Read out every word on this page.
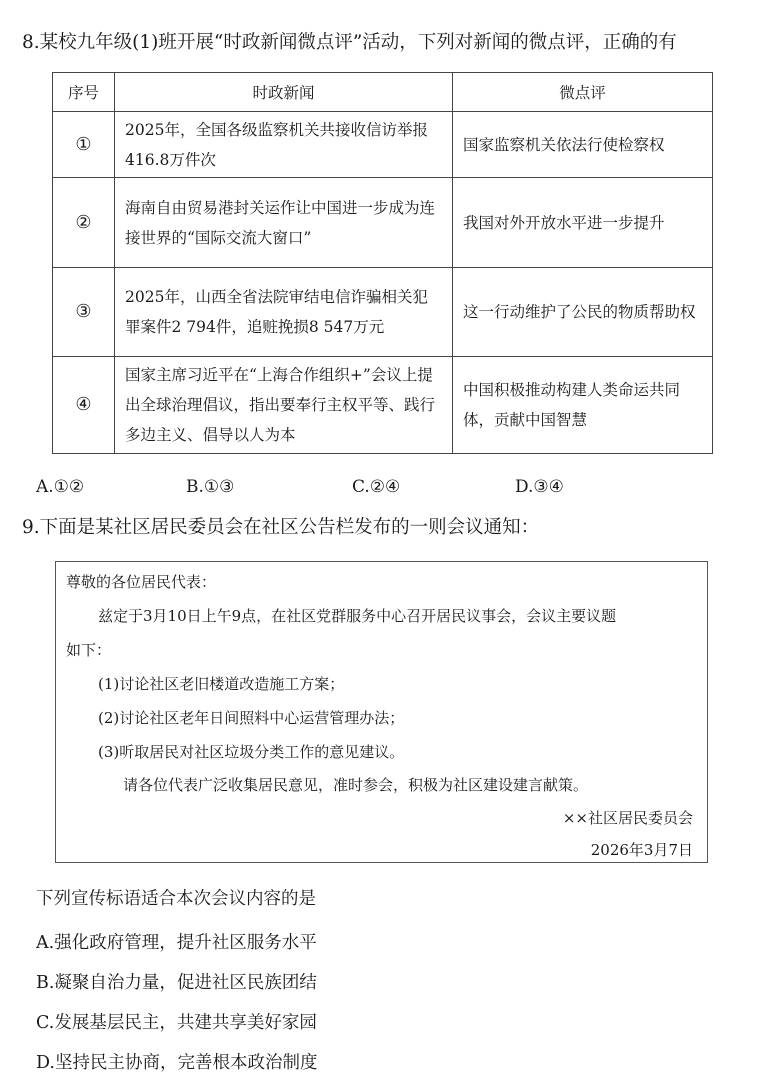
8.某校九年级(1)班开展“时政新闻微点评”活动，下列对新闻的微点评，正确的有
序号	时政新闻	微点评
①	2025年，全国各级监察机关共接收信访举报416.8万件次	国家监察机关依法行使检察权
②	海南自由贸易港封关运作让中国进一步成为连接世界的“国际交流大窗口”	我国对外开放水平进一步提升
③	2025年，山西全省法院审结电信诈骗相关犯罪案件2 794件，追赃挽损8 547万元	这一行动维护了公民的物质帮助权
④	国家主席习近平在“上海合作组织+”会议上提出全球治理倡议，指出要奉行主权平等、践行多边主义、倡导以人为本	中国积极推动构建人类命运共同体，贡献中国智慧
A.①②	B.①③	C.②④	D.③④
9.下面是某社区居民委员会在社区公告栏发布的一则会议通知：

尊敬的各位居民代表：

兹定于3月10日上午9点，在社区党群服务中心召开居民议事会，会议主要议题

如下：

(1)讨论社区老旧楼道改造施工方案；

(2)讨论社区老年日间照料中心运营管理办法；

(3)听取居民对社区垃圾分类工作的意见建议。

请各位代表广泛收集居民意见，准时参会，积极为社区建设建言献策。

××社区居民委员会

2026年3月7日

下列宣传标语适合本次会议内容的是
A.强化政府管理，提升社区服务水平
B.凝聚自治力量，促进社区民族团结
C.发展基层民主，共建共享美好家园
D.坚持民主协商，完善根本政治制度
